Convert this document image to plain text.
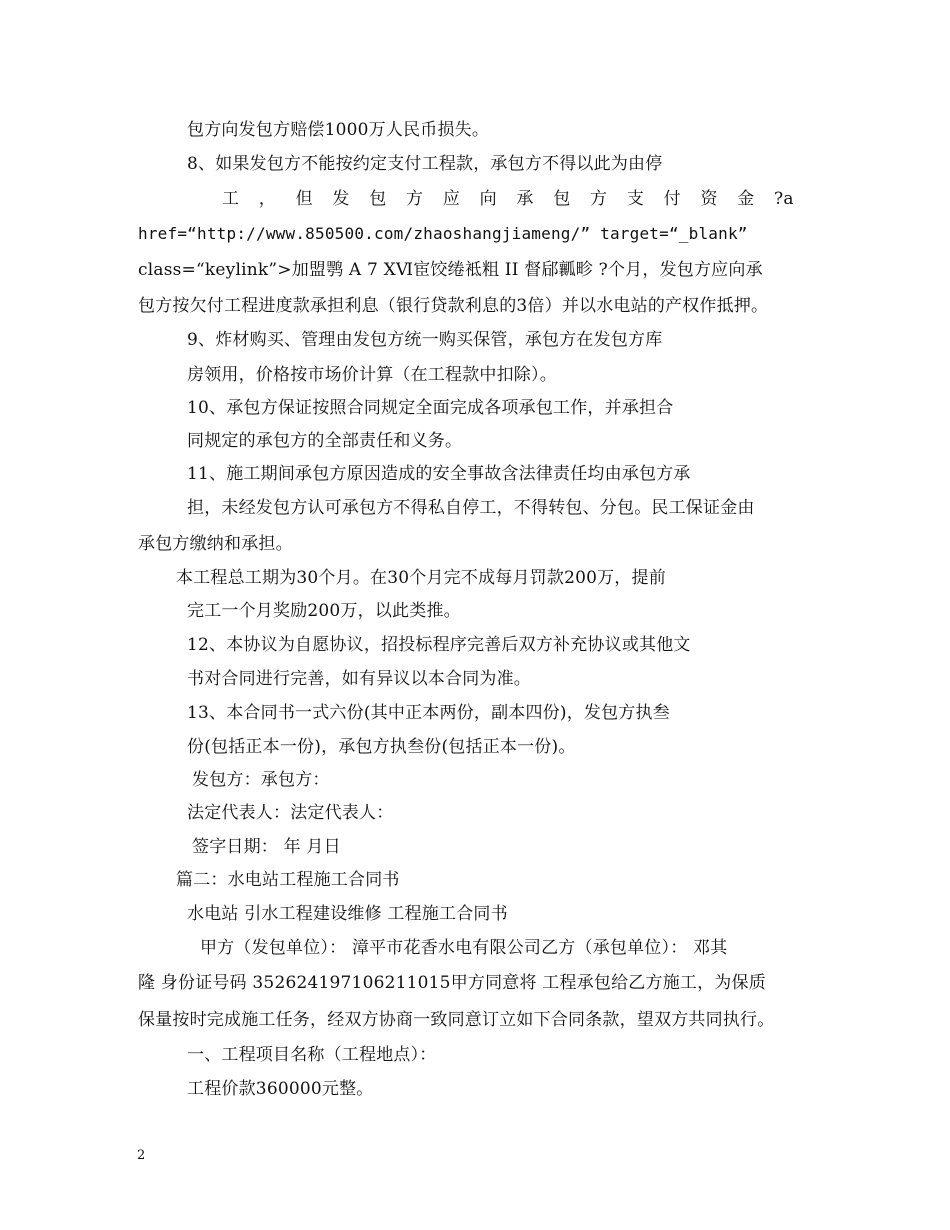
包方向发包方赔偿1000万人民币损失。
8、如果发包方不能按约定支付工程款，承包方不得以此为由停
工 ， 但 发 包 方 应 向 承 包 方 支 付 资 金 ?a
href=“http://www.850500.com/zhaoshangjiameng/” target=“_blank”
class=“keylink”>加盟鹗 A 7 ⅩⅥ宦饺绻袛粗 II 督郈瓤畛 ?个月，发包方应向承
包方按欠付工程进度款承担利息（银行贷款利息的3倍）并以水电站的产权作抵押。
9、炸材购买、管理由发包方统一购买保管，承包方在发包方库
房领用，价格按市场价计算（在工程款中扣除）。
10、承包方保证按照合同规定全面完成各项承包工作，并承担合
同规定的承包方的全部责任和义务。
11、施工期间承包方原因造成的安全事故含法律责任均由承包方承
担，未经发包方认可承包方不得私自停工，不得转包、分包。民工保证金由
承包方缴纳和承担。
本工程总工期为30个月。在30个月完不成每月罚款200万，提前
完工一个月奖励200万，以此类推。
12、本协议为自愿协议，招投标程序完善后双方补充协议或其他文
书对合同进行完善，如有异议以本合同为准。
13、本合同书一式六份(其中正本两份，副本四份)，发包方执叁
份(包括正本一份)，承包方执叁份(包括正本一份)。
发包方：承包方：
法定代表人：法定代表人：
签字日期： 年 月日
篇二：水电站工程施工合同书
水电站 引水工程建设维修 工程施工合同书
甲方（发包单位）： 漳平市花香水电有限公司乙方（承包单位）： 邓其
隆 身份证号码 352624197106211015甲方同意将 工程承包给乙方施工，为保质
保量按时完成施工任务，经双方协商一致同意订立如下合同条款，望双方共同执行。
一、工程项目名称（工程地点）：
工程价款360000元整。
2
